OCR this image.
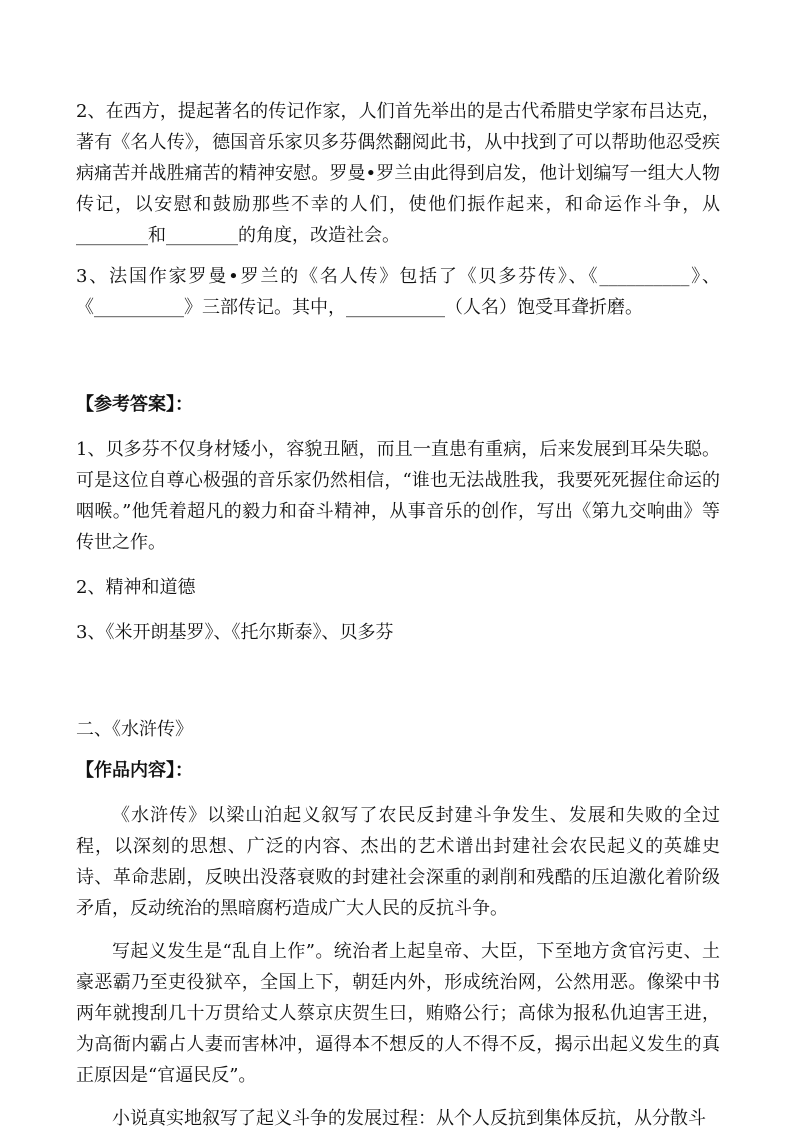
2、在西方，提起著名的传记作家，人们首先举出的是古代希腊史学家布吕达克，著有《名人传》，德国音乐家贝多芬偶然翻阅此书，从中找到了可以帮助他忍受疾病痛苦并战胜痛苦的精神安慰。罗曼•罗兰由此得到启发，他计划编写一组大人物传记，以安慰和鼓励那些不幸的人们，使他们振作起来，和命运作斗争，从________和________的角度，改造社会。

3、法国作家罗曼•罗兰的《名人传》包括了《贝多芬传》、《__________》、《__________》三部传记。其中，___________（人名）饱受耳聋折磨。

【参考答案】：

1、贝多芬不仅身材矮小，容貌丑陋，而且一直患有重病，后来发展到耳朵失聪。可是这位自尊心极强的音乐家仍然相信，“谁也无法战胜我，我要死死握住命运的咽喉。”他凭着超凡的毅力和奋斗精神，从事音乐的创作，写出《第九交响曲》等传世之作。

2、精神和道德

3、《米开朗基罗》、《托尔斯泰》、贝多芬

二、《水浒传》

【作品内容】：

《水浒传》以梁山泊起义叙写了农民反封建斗争发生、发展和失败的全过程，以深刻的思想、广泛的内容、杰出的艺术谱出封建社会农民起义的英雄史诗、革命悲剧，反映出没落衰败的封建社会深重的剥削和残酷的压迫激化着阶级矛盾，反动统治的黑暗腐朽造成广大人民的反抗斗争。

写起义发生是“乱自上作”。统治者上起皇帝、大臣，下至地方贪官污吏、土豪恶霸乃至吏役狱卒，全国上下，朝廷内外，形成统治网，公然用恶。像梁中书两年就搜刮几十万贯给丈人蔡京庆贺生曰，贿赂公行；高俅为报私仇迫害王进，为高衙内霸占人妻而害林冲，逼得本不想反的人不得不反，揭示出起义发生的真正原因是“官逼民反”。

小说真实地叙写了起义斗争的发展过程：从个人反抗到集体反抗，从分散斗
